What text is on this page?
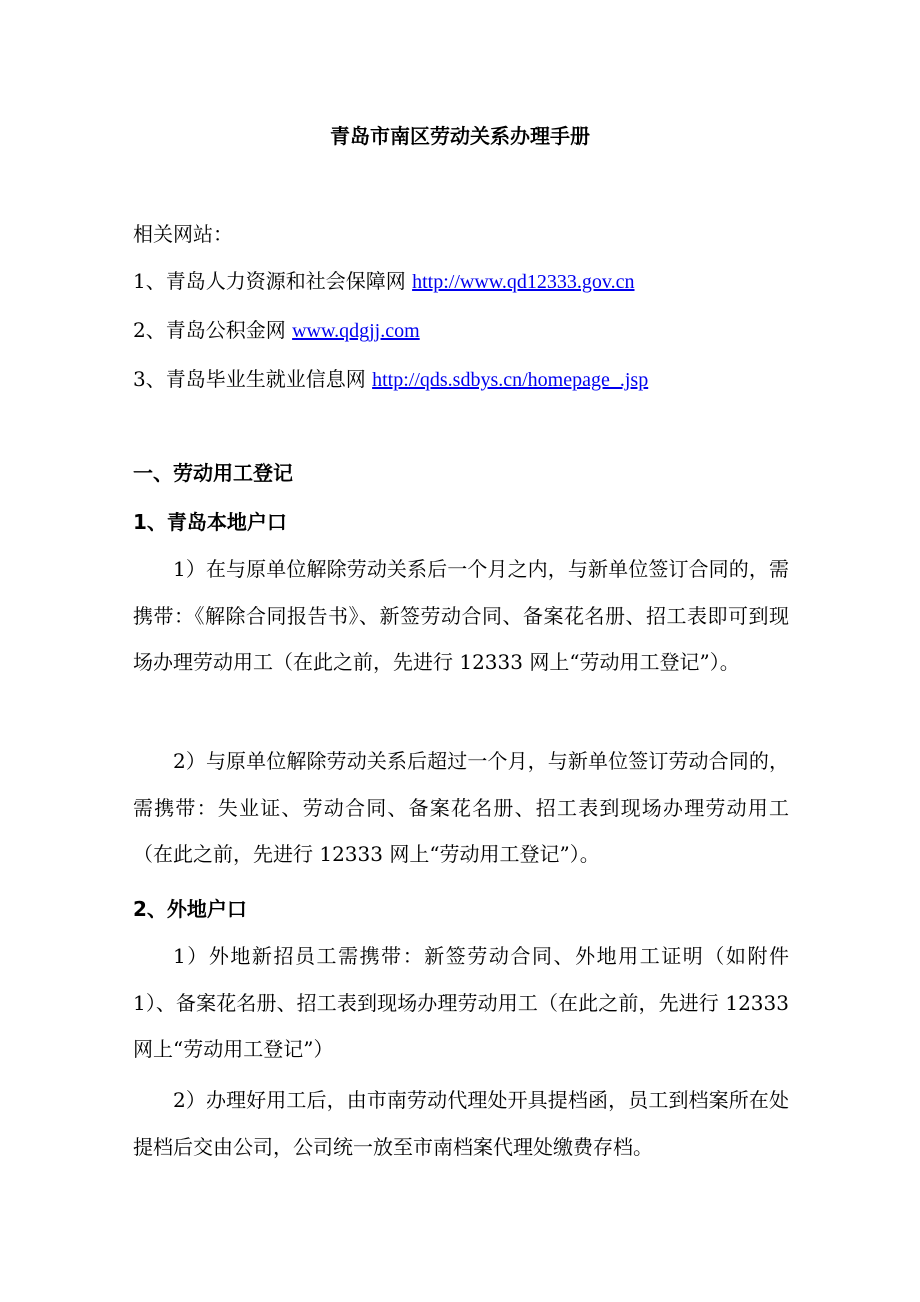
青岛市南区劳动关系办理手册
相关网站：
1、青岛人力资源和社会保障网 http://www.qd12333.gov.cn
2、青岛公积金网 www.qdgjj.com
3、青岛毕业生就业信息网 http://qds.sdbys.cn/homepage_.jsp
一、劳动用工登记
1、青岛本地户口
1）在与原单位解除劳动关系后一个月之内，与新单位签订合同的，需携带：《解除合同报告书》、新签劳动合同、备案花名册、招工表即可到现场办理劳动用工（在此之前，先进行 12333 网上“劳动用工登记”）。
2）与原单位解除劳动关系后超过一个月，与新单位签订劳动合同的，需携带：失业证、劳动合同、备案花名册、招工表到现场办理劳动用工（在此之前，先进行 12333 网上“劳动用工登记”）。
2、外地户口
1）外地新招员工需携带：新签劳动合同、外地用工证明（如附件 1）、备案花名册、招工表到现场办理劳动用工（在此之前，先进行 12333 网上“劳动用工登记”）
2）办理好用工后，由市南劳动代理处开具提档函，员工到档案所在处提档后交由公司，公司统一放至市南档案代理处缴费存档。
